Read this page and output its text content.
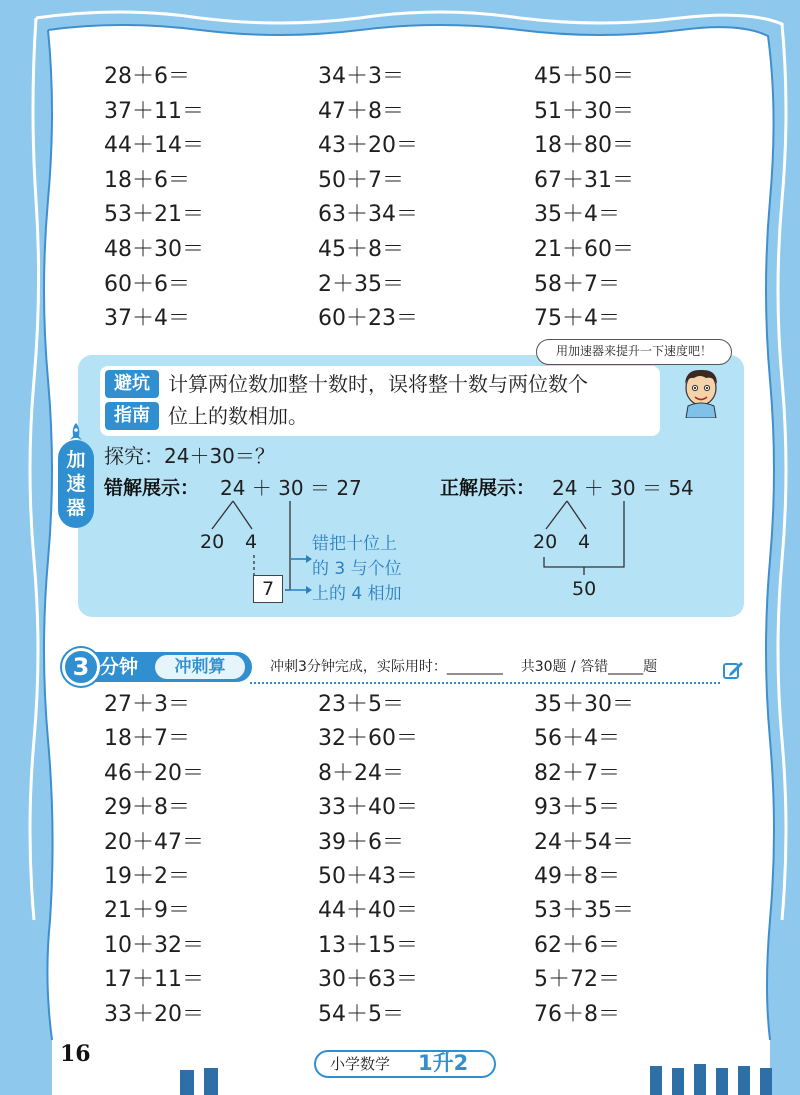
28＋6＝	34＋3＝	45＋50＝
37＋11＝	47＋8＝	51＋30＝
44＋14＝	43＋20＝	18＋80＝
18＋6＝	50＋7＝	67＋31＝
53＋21＝	63＋34＝	35＋4＝
48＋30＝	45＋8＝	21＋60＝
60＋6＝	2＋35＝	58＋7＝
37＋4＝	60＋23＝	75＋4＝
加
速
器
用加速器来提升一下速度吧！
避坑
指南
计算两位数加整十数时，误将整十数与两位数个
位上的数相加。
探究：24＋30＝？
错解展示： 24 ＋ 30 ＝ 27	正解展示： 24 ＋ 30 ＝ 54
20 4
7
错把十位上
的 3 与个位
上的 4 相加
20 4
50
3 分钟	冲刺算	冲刺3分钟完成，实际用时：________    共30题 / 答错_____题
27＋3＝	23＋5＝	35＋30＝
18＋7＝	32＋60＝	56＋4＝
46＋20＝	8＋24＝	82＋7＝
29＋8＝	33＋40＝	93＋5＝
20＋47＝	39＋6＝	24＋54＝
19＋2＝	50＋43＝	49＋8＝
21＋9＝	44＋40＝	53＋35＝
10＋32＝	13＋15＝	62＋6＝
17＋11＝	30＋63＝	5＋72＝
33＋20＝	54＋5＝	76＋8＝
16	小学数学 1升2
